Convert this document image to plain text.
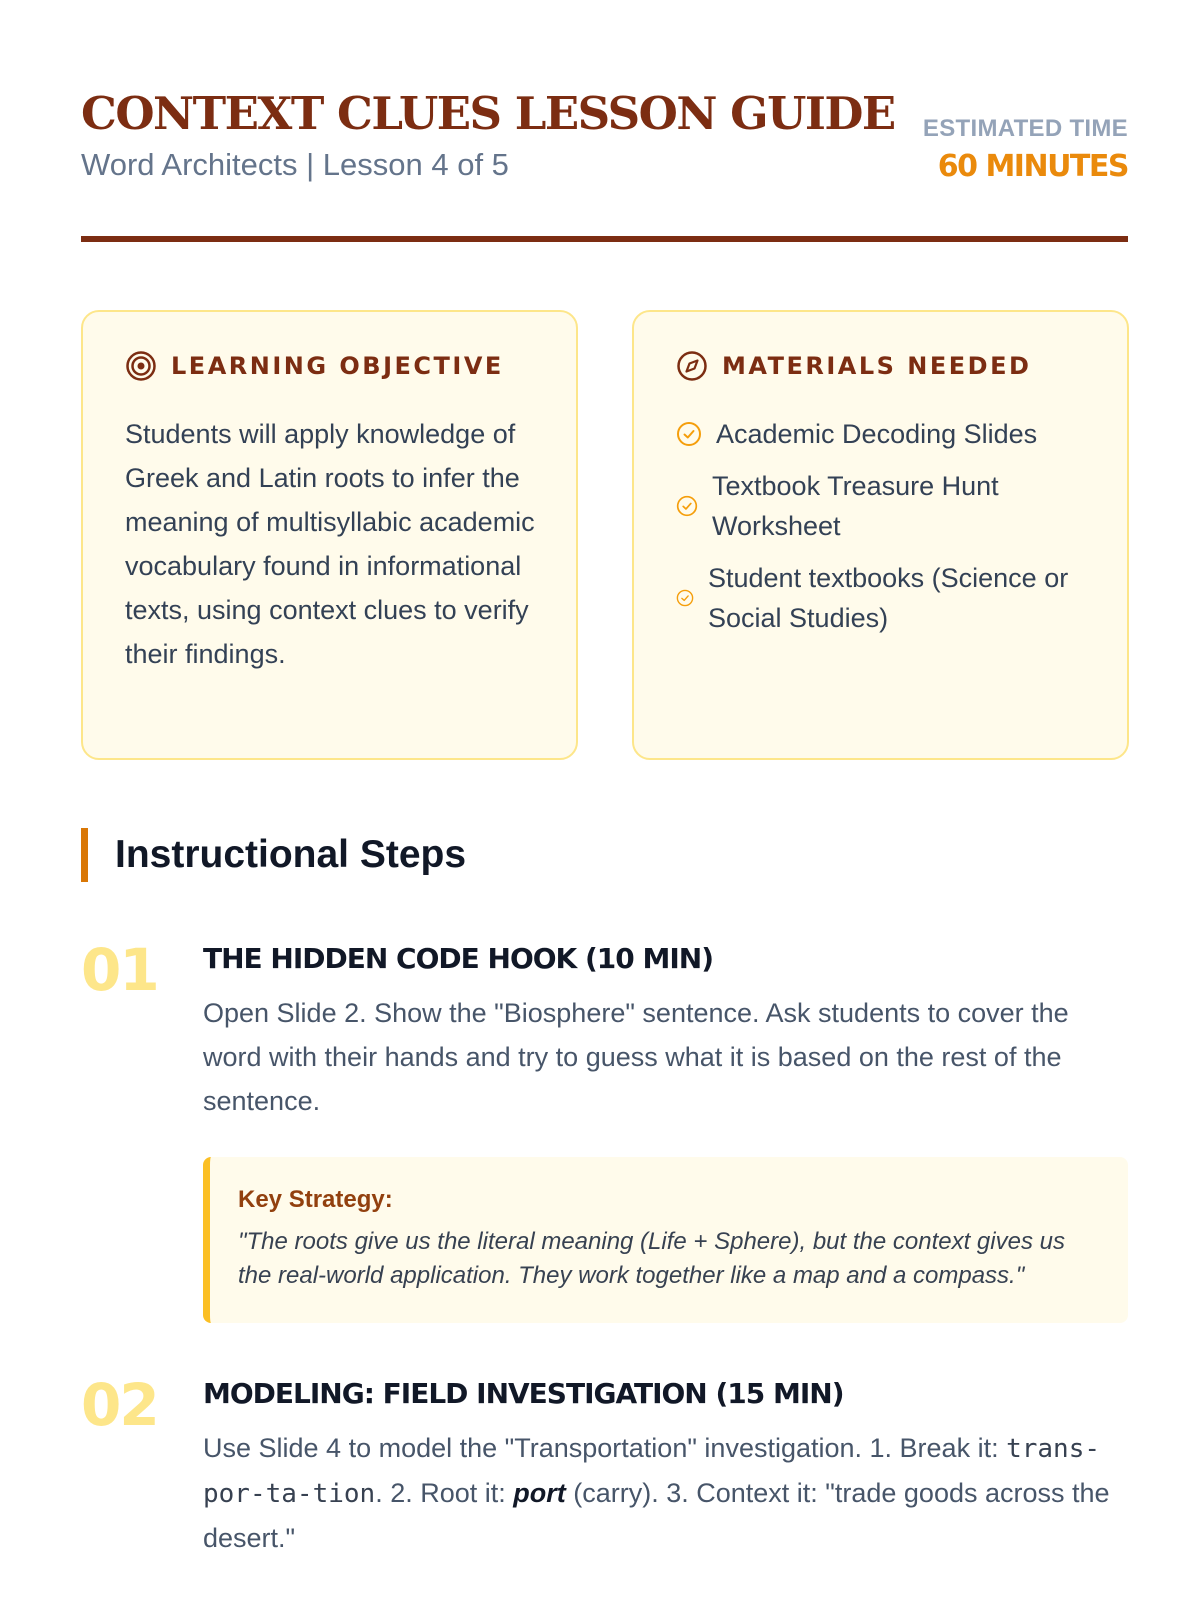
CONTEXT CLUES LESSON GUIDE
Word Architects | Lesson 4 of 5
ESTIMATED TIME
60 MINUTES
LEARNING OBJECTIVE

Students will apply knowledge of Greek and Latin roots to infer the meaning of multisyllabic academic vocabulary found in informational texts, using context clues to verify their findings.

MATERIALS NEEDED
Academic Decoding Slides
Textbook Treasure Hunt Worksheet
Student textbooks (Science or Social Studies)
Instructional Steps
01 THE HIDDEN CODE HOOK (10 MIN)

Open Slide 2. Show the "Biosphere" sentence. Ask students to cover the word with their hands and try to guess what it is based on the rest of the sentence.

Key Strategy:
"The roots give us the literal meaning (Life + Sphere), but the context gives us the real-world application. They work together like a map and a compass."
02 MODELING: FIELD INVESTIGATION (15 MIN)

Use Slide 4 to model the "Transportation" investigation. 1. Break it: trans-por-ta-tion. 2. Root it: port (carry). 3. Context it: "trade goods across the desert."
